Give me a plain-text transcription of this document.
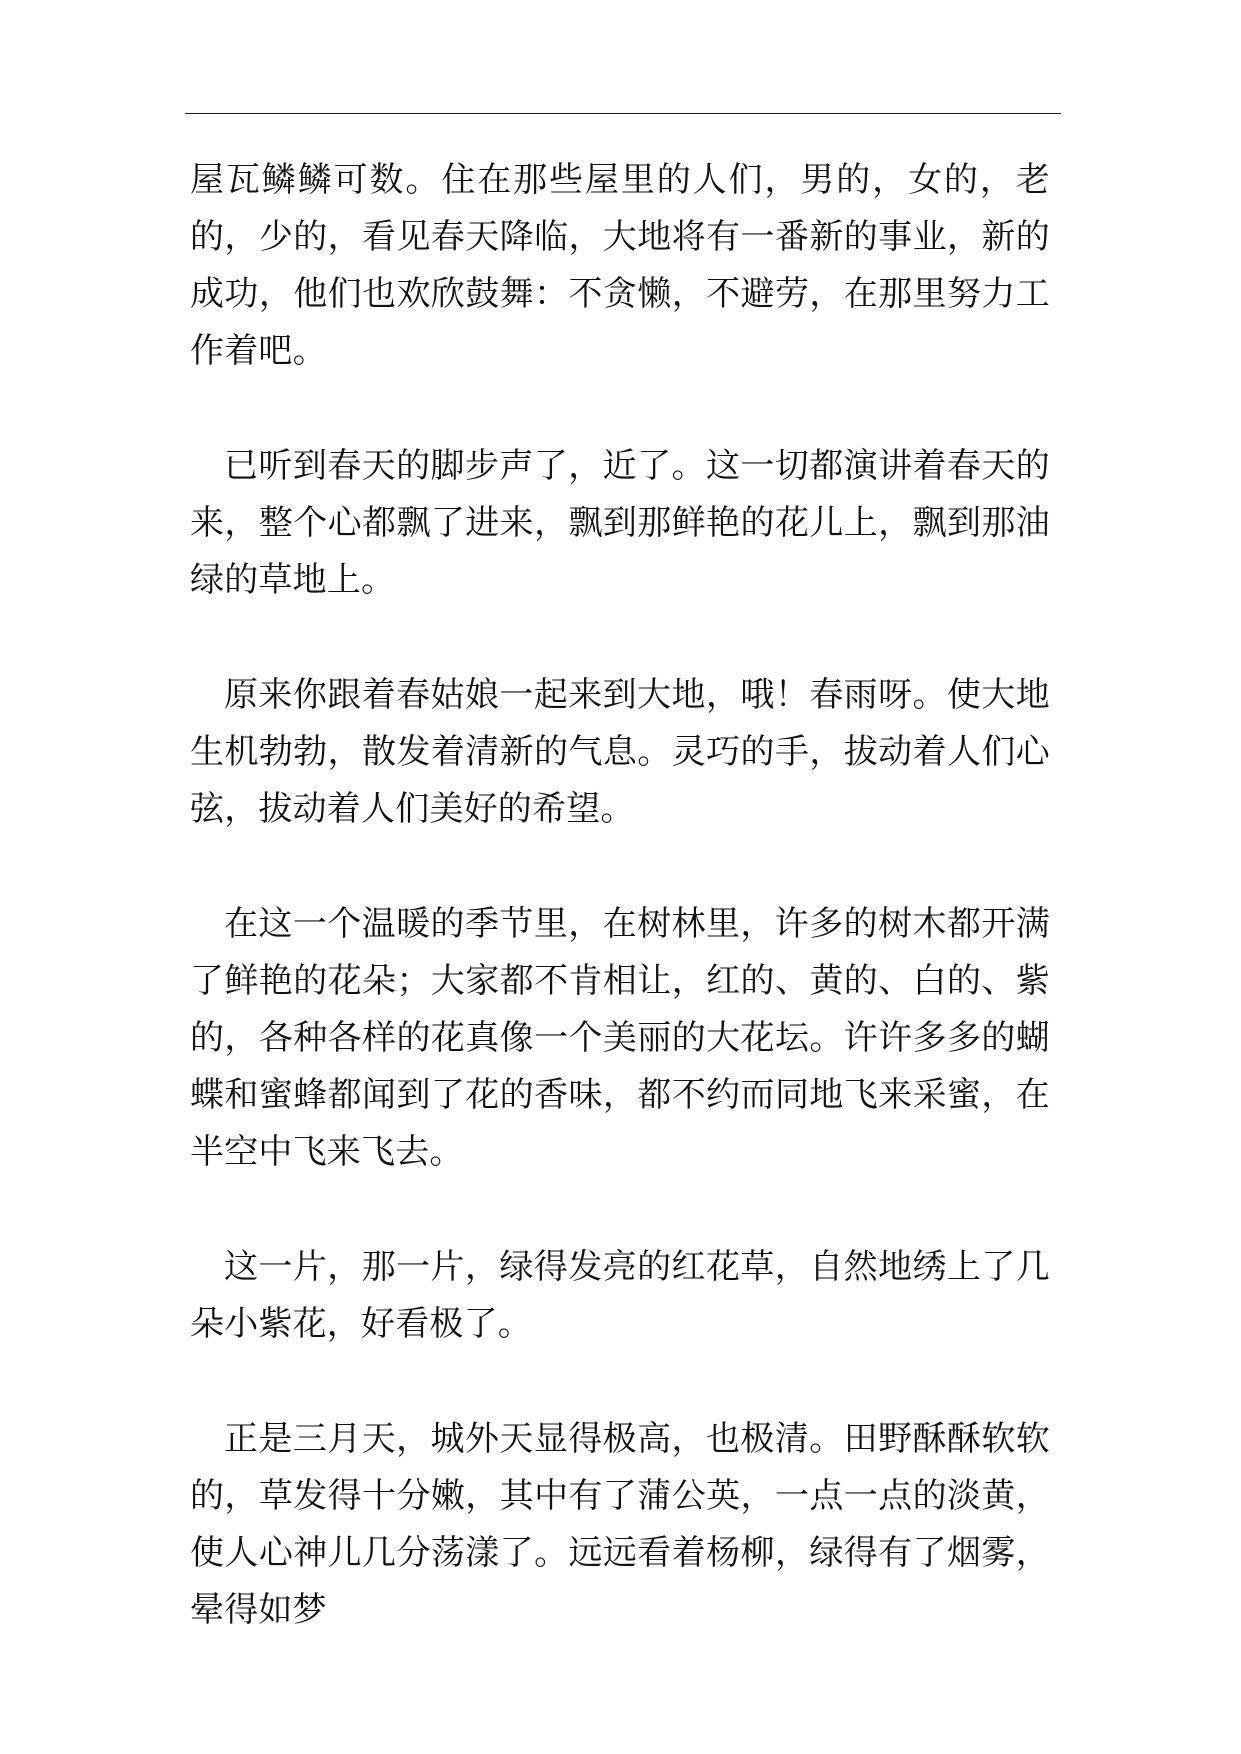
屋瓦鳞鳞可数。住在那些屋里的人们，男的，女的，老的，少的，看见春天降临，大地将有一番新的事业，新的成功，他们也欢欣鼓舞：不贪懒，不避劳，在那里努力工作着吧。

已听到春天的脚步声了，近了。这一切都演讲着春天的来，整个心都飘了进来，飘到那鲜艳的花儿上，飘到那油绿的草地上。

原来你跟着春姑娘一起来到大地，哦！春雨呀。使大地生机勃勃，散发着清新的气息。灵巧的手，拔动着人们心弦，拔动着人们美好的希望。

在这一个温暖的季节里，在树林里，许多的树木都开满了鲜艳的花朵；大家都不肯相让，红的、黄的、白的、紫的，各种各样的花真像一个美丽的大花坛。许许多多的蝴蝶和蜜蜂都闻到了花的香味，都不约而同地飞来采蜜，在半空中飞来飞去。

这一片，那一片，绿得发亮的红花草，自然地绣上了几朵小紫花，好看极了。

正是三月天，城外天显得极高，也极清。田野酥酥软软的，草发得十分嫩，其中有了蒲公英，一点一点的淡黄，使人心神儿几分荡漾了。远远看着杨柳，绿得有了烟雾，晕得如梦
